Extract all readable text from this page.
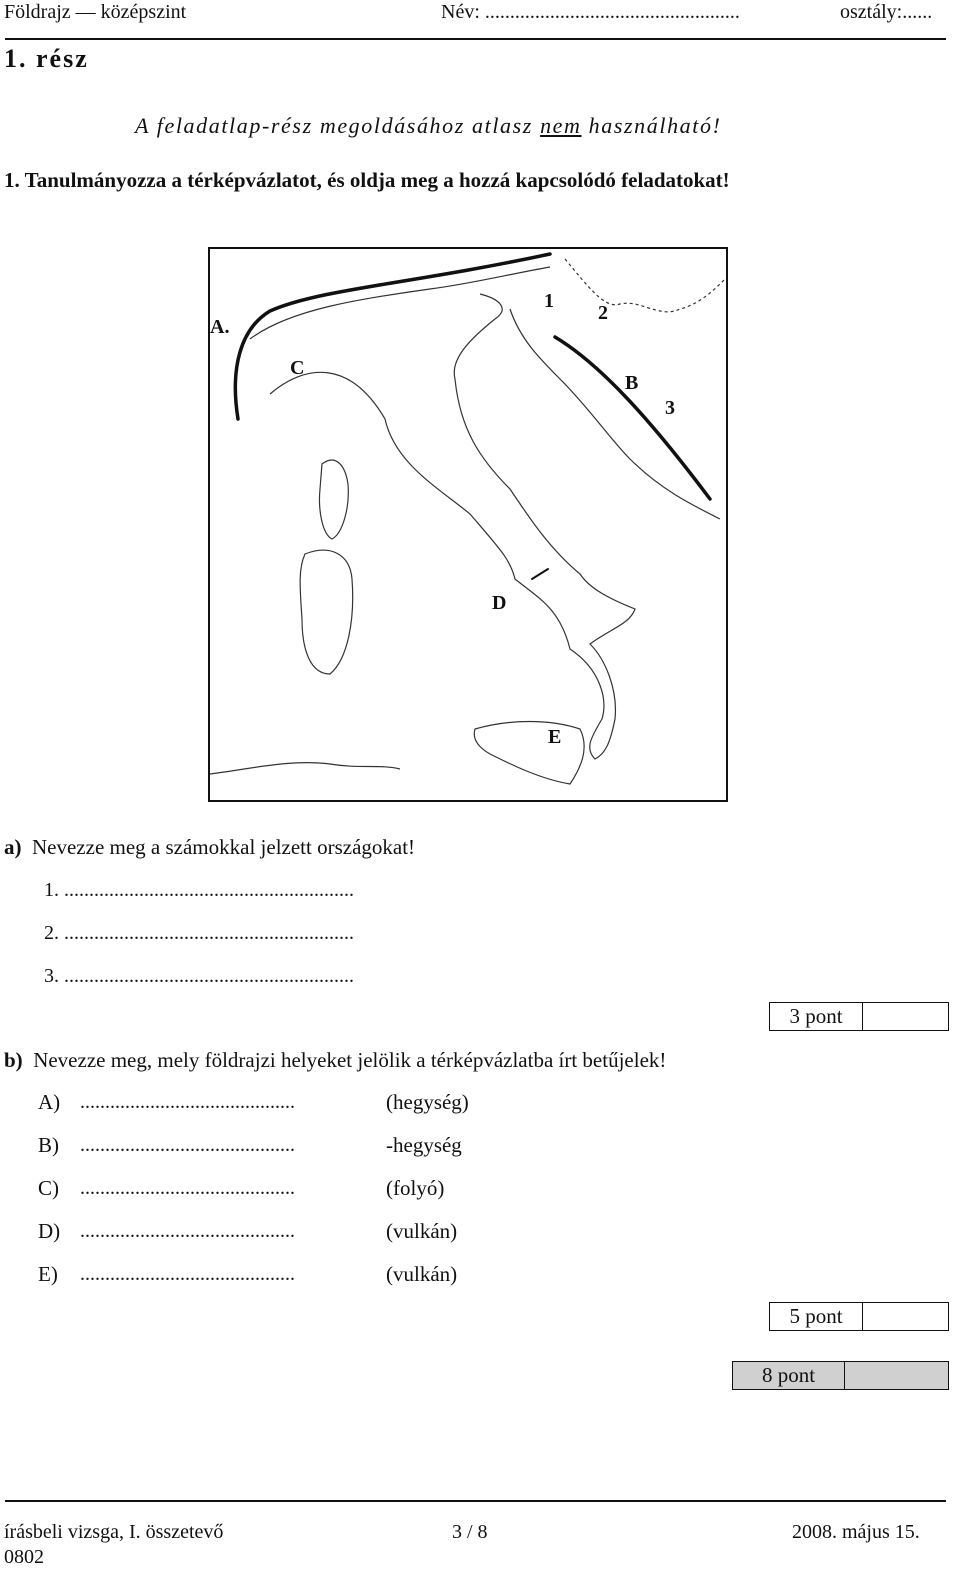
Földrajz — középszint	Név: ...................................................	osztály:......
1. rész
A feladatlap-rész megoldásához atlasz nem használható!
1. Tanulmányozza a térképvázlatot, és oldja meg a hozzá kapcsolódó feladatokat!
A.
C
1
2
B
3
D
E
a) Nevezze meg a számokkal jelzett országokat!
1. ..........................................................
2. ..........................................................
3. ..........................................................
3 pont
b) Nevezze meg, mely földrajzi helyeket jelölik a térképvázlatba írt betűjelek!
A) ...........................................	(hegység)
B) ...........................................	-hegység
C) ...........................................	(folyó)
D) ...........................................	(vulkán)
E) ...........................................	(vulkán)
5 pont
8 pont
írásbeli vizsga, I. összetevő
0802
3 / 8	2008. május 15.
